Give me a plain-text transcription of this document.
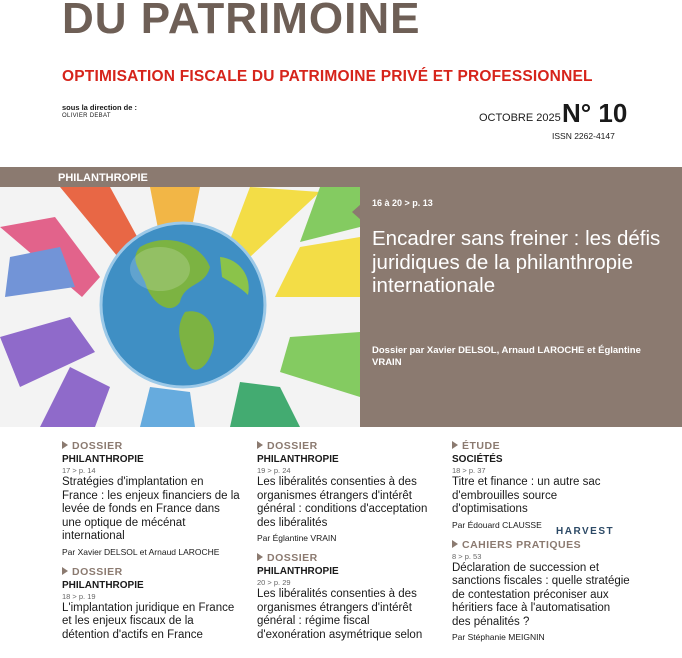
DU PATRIMOINE
OPTIMISATION FISCALE DU PATRIMOINE PRIVÉ ET PROFESSIONNEL
sous la direction de :
OLIVIER DEBAT	OCTOBRE 2025 -
N° 10
ISSN 2262-4147
PHILANTHROPIE
16 à 20 > p. 13
Encadrer sans freiner : les défis juridiques de la philanthropie internationale
Dossier par Xavier DELSOL, Arnaud LAROCHE et Églantine VRAIN
DOSSIER
PHILANTHROPIE
17 > p. 14
Stratégies d'implantation en France : les enjeux financiers de la levée de fonds en France dans une optique de mécénat international
Par Xavier DELSOL et Arnaud LAROCHE
DOSSIER
PHILANTHROPIE
18 > p. 19
L'implantation juridique en France et les enjeux fiscaux de la détention d'actifs en France
DOSSIER
PHILANTHROPIE
19 > p. 24
Les libéralités consenties à des organismes étrangers d'intérêt général : conditions d'acceptation des libéralités
Par Églantine VRAIN
DOSSIER
PHILANTHROPIE
20 > p. 29
Les libéralités consenties à des organismes étrangers d'intérêt général : régime fiscal d'exonération asymétrique selon
ÉTUDE
SOCIÉTÉS
18 > p. 37
Titre et finance : un autre sac d'embrouilles source d'optimisations
Par Édouard CLAUSSE
CAHIERS PRATIQUES
8 > p. 53
Déclaration de succession et sanctions fiscales : quelle stratégie de contestation préconiser aux héritiers face à l'automatisation des pénalités ?
Par Stéphanie MEIGNIN
HARVEST
